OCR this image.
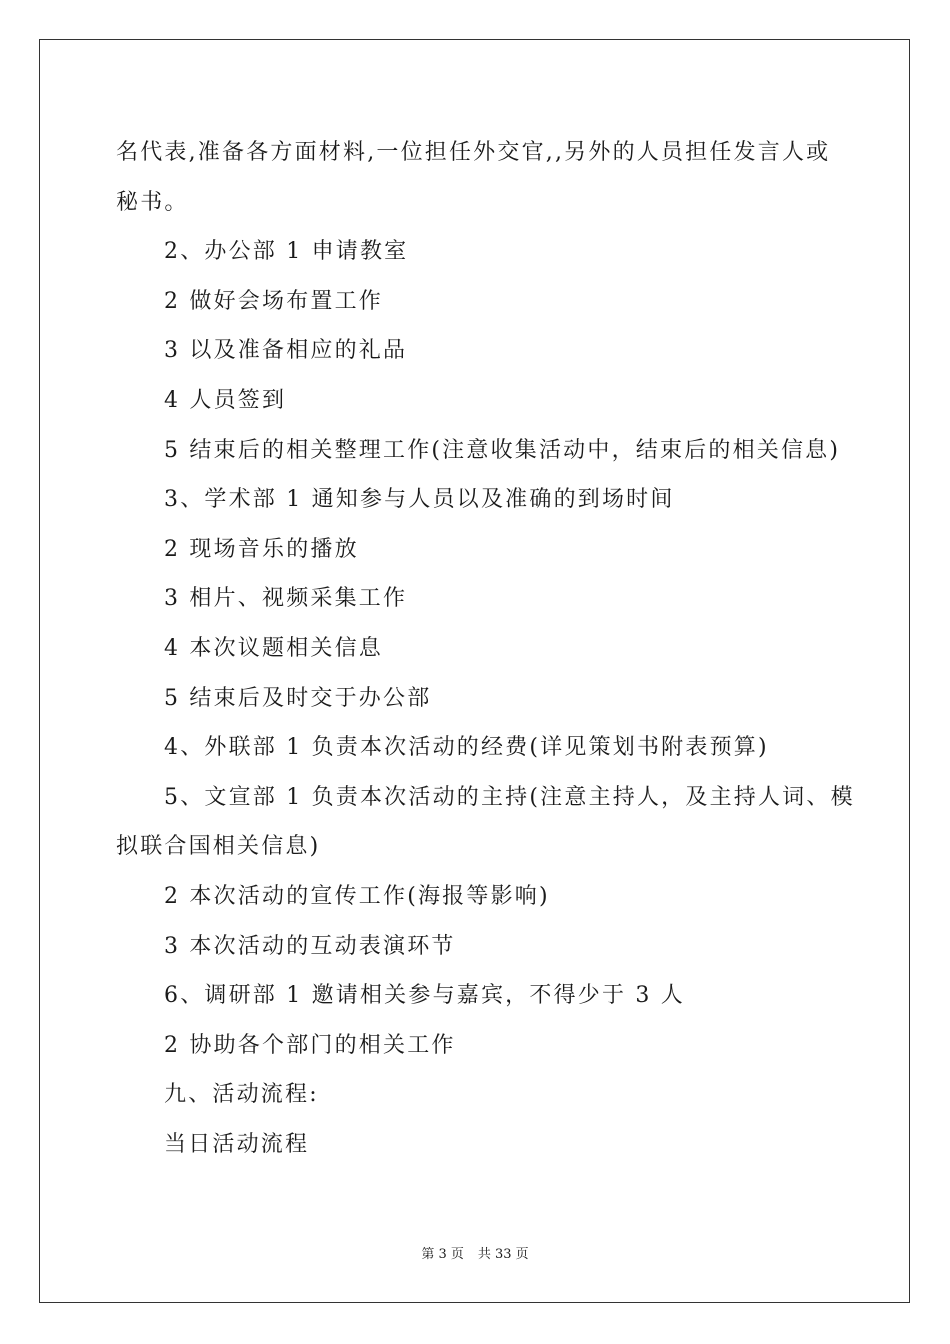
名代表,准备各方面材料,一位担任外交官,,另外的人员担任发言人或
秘书。
2、办公部 1 申请教室
2 做好会场布置工作
3 以及准备相应的礼品
4 人员签到
5 结束后的相关整理工作(注意收集活动中，结束后的相关信息)
3、学术部 1 通知参与人员以及准确的到场时间
2 现场音乐的播放
3 相片、视频采集工作
4 本次议题相关信息
5 结束后及时交于办公部
4、外联部 1 负责本次活动的经费(详见策划书附表预算)
5、文宣部 1 负责本次活动的主持(注意主持人，及主持人词、模
拟联合国相关信息)
2 本次活动的宣传工作(海报等影响)
3 本次活动的互动表演环节
6、调研部 1 邀请相关参与嘉宾，不得少于 3 人
2 协助各个部门的相关工作
九、活动流程:
当日活动流程
第 3 页 共 33 页
